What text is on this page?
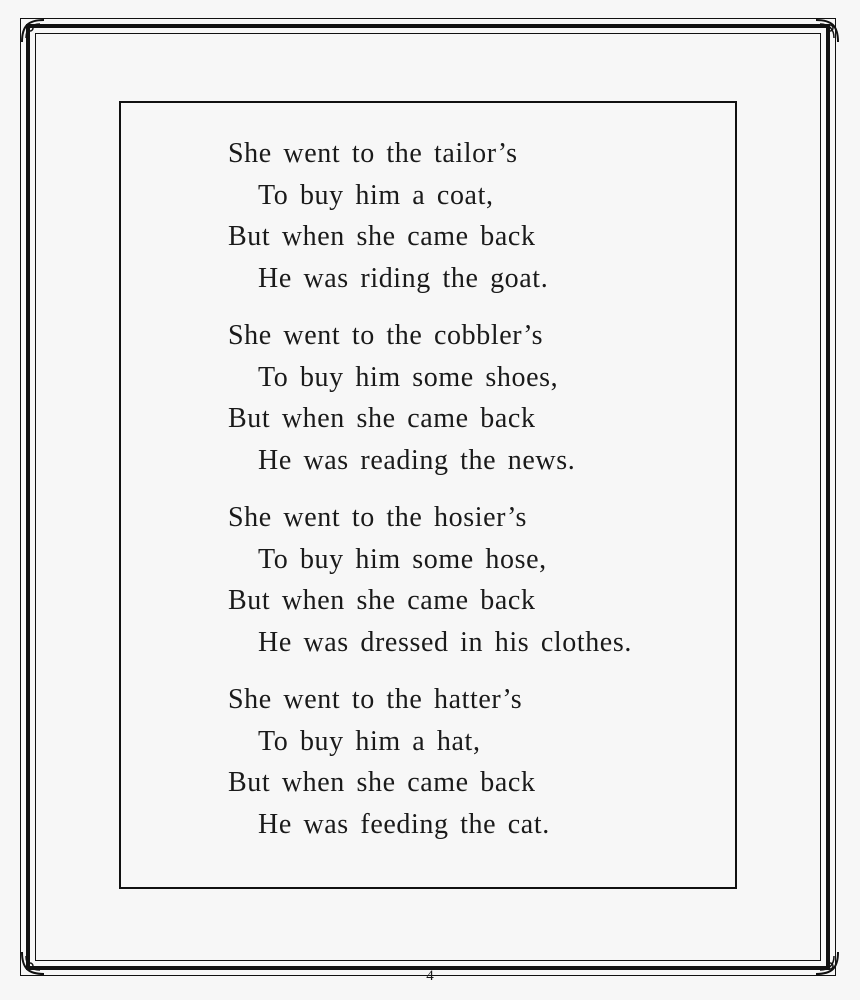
She went to the tailor’s
To buy him a coat,
But when she came back
He was riding the goat.
She went to the cobbler’s
To buy him some shoes,
But when she came back
He was reading the news.
She went to the hosier’s
To buy him some hose,
But when she came back
He was dressed in his clothes.
She went to the hatter’s
To buy him a hat,
But when she came back
He was feeding the cat.
4
